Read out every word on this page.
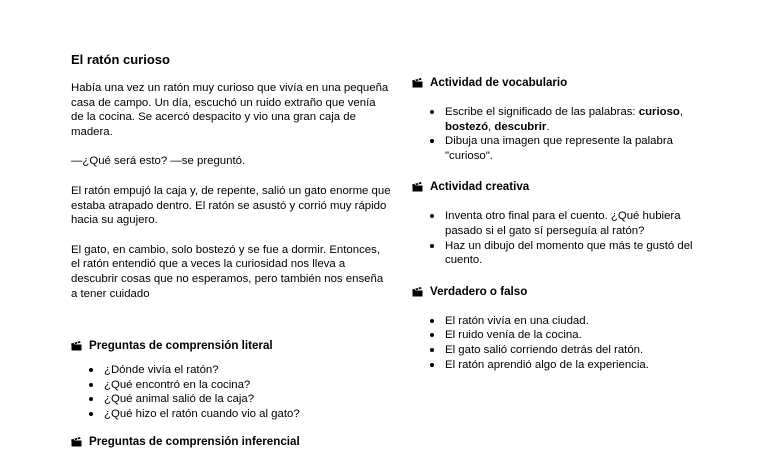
El ratón curioso

Había una vez un ratón muy curioso que vivía en una pequeña casa de campo. Un día, escuchó un ruido extraño que venía de la cocina. Se acercó despacito y vio una gran caja de madera.

—¿Qué será esto? —se preguntó.

El ratón empujó la caja y, de repente, salió un gato enorme que estaba atrapado dentro. El ratón se asustó y corrió muy rápido hacia su agujero.

El gato, en cambio, solo bostezó y se fue a dormir. Entonces, el ratón entendió que a veces la curiosidad nos lleva a descubrir cosas que no esperamos, pero también nos enseña a tener cuidado

Preguntas de comprensión literal
¿Dónde vivía el ratón?
¿Qué encontró en la cocina?
¿Qué animal salió de la caja?
¿Qué hizo el ratón cuando vio al gato?
Preguntas de comprensión inferencial
Actividad de vocabulario
Escribe el significado de las palabras: curioso, bostezó, descubrir.
Dibuja una imagen que represente la palabra "curioso".
Actividad creativa
Inventa otro final para el cuento. ¿Qué hubiera pasado si el gato sí perseguía al ratón?
Haz un dibujo del momento que más te gustó del cuento.
Verdadero o falso
El ratón vivía en una ciudad.
El ruido venía de la cocina.
El gato salió corriendo detrás del ratón.
El ratón aprendió algo de la experiencia.
